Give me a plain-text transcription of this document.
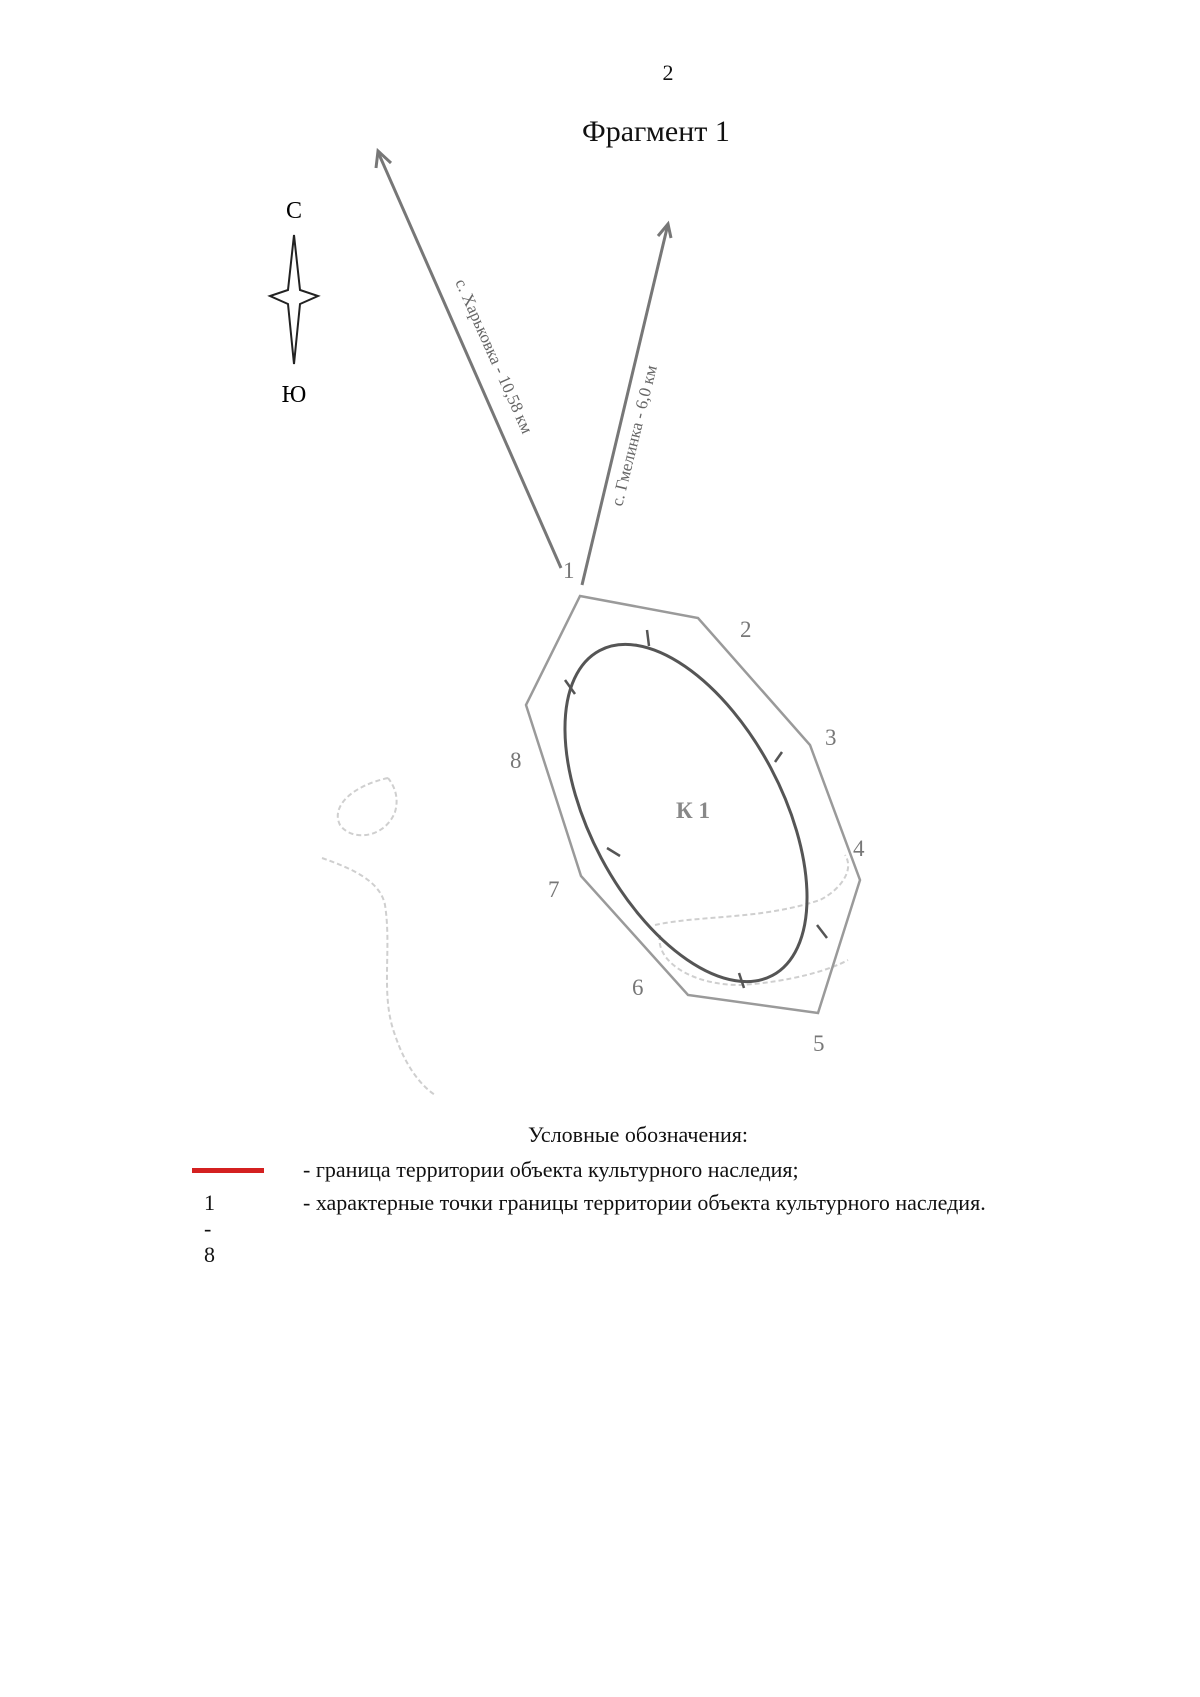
2
Фрагмент 1
С
Ю	с. Харьковка - 10,58 км	с. Гмелинка - 6,0 км
К 1
1
2
3
4
5
6
7
8
Условные обозначения:
- граница территории объекта культурного наследия;
1 - 8
- характерные точки границы территории объекта культурного наследия.
